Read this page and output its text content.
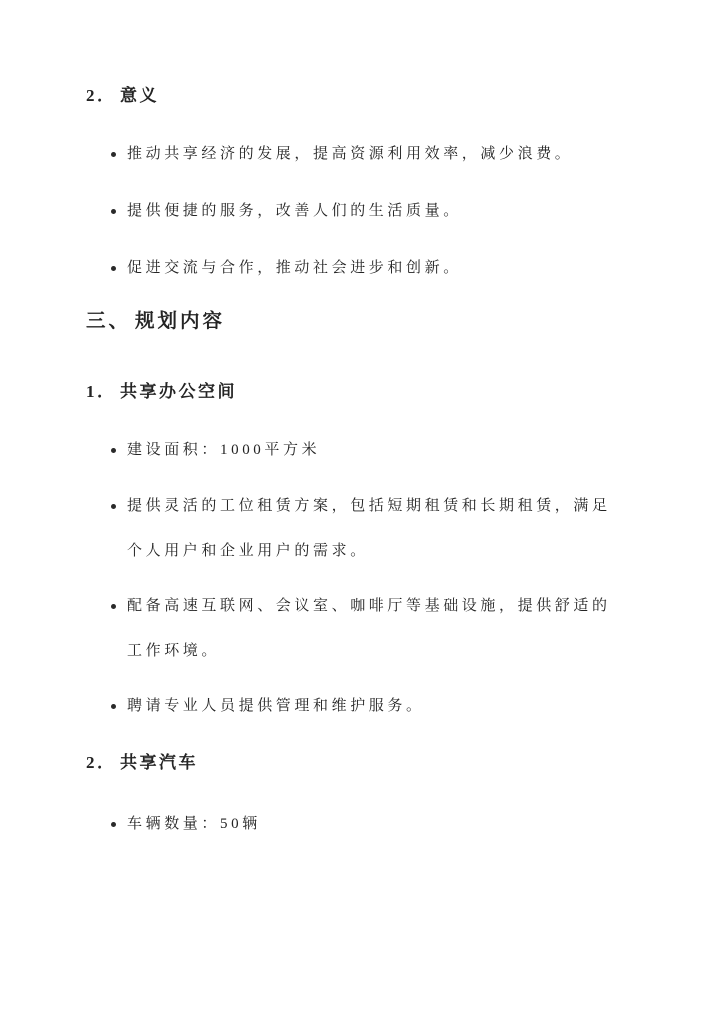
2． 意义
推动共享经济的发展，提高资源利用效率，减少浪费。
提供便捷的服务，改善人们的生活质量。
促进交流与合作，推动社会进步和创新。
三、 规划内容
1． 共享办公空间
建设面积：1000平方米
提供灵活的工位租赁方案，包括短期租赁和长期租赁，满足
个人用户和企业用户的需求。
配备高速互联网、会议室、咖啡厅等基础设施，提供舒适的
工作环境。
聘请专业人员提供管理和维护服务。
2． 共享汽车
车辆数量：50辆
